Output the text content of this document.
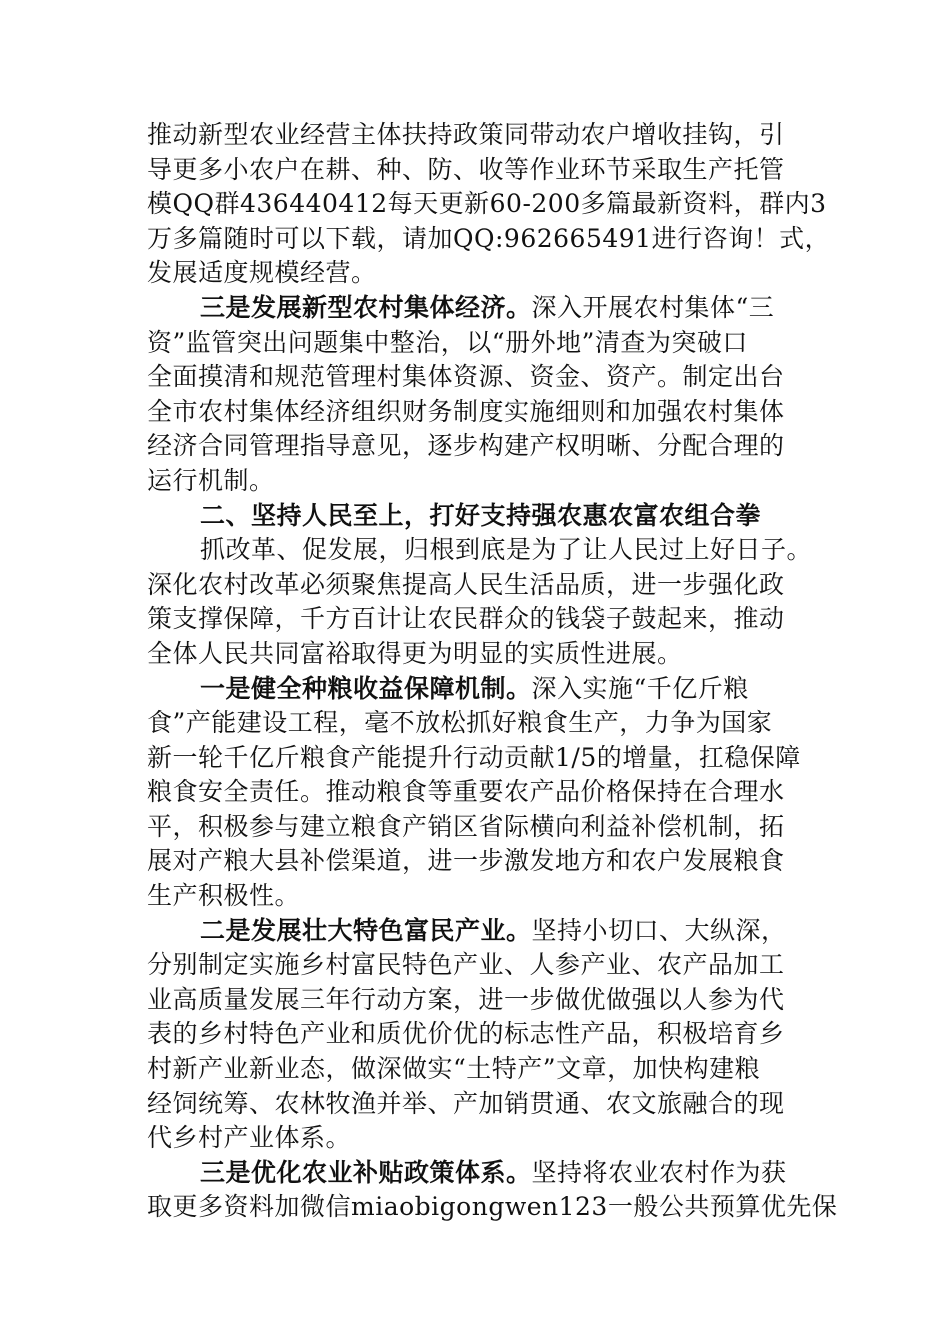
推动新型农业经营主体扶持政策同带动农户增收挂钩，引
导更多小农户在耕、种、防、收等作业环节采取生产托管
模QQ群436440412每天更新60-200多篇最新资料，群内3
万多篇随时可以下载，请加QQ:962665491进行咨询！式，
发展适度规模经营。

三是发展新型农村集体经济。深入开展农村集体“三
资”监管突出问题集中整治，以“册外地”清查为突破口
全面摸清和规范管理村集体资源、资金、资产。制定出台
全市农村集体经济组织财务制度实施细则和加强农村集体
经济合同管理指导意见，逐步构建产权明晰、分配合理的
运行机制。

二、坚持人民至上，打好支持强农惠农富农组合拳

抓改革、促发展，归根到底是为了让人民过上好日子。
深化农村改革必须聚焦提高人民生活品质，进一步强化政
策支撑保障，千方百计让农民群众的钱袋子鼓起来，推动
全体人民共同富裕取得更为明显的实质性进展。

一是健全种粮收益保障机制。深入实施“千亿斤粮
食”产能建设工程，毫不放松抓好粮食生产，力争为国家
新一轮千亿斤粮食产能提升行动贡献1/5的增量，扛稳保障
粮食安全责任。推动粮食等重要农产品价格保持在合理水
平，积极参与建立粮食产销区省际横向利益补偿机制，拓
展对产粮大县补偿渠道，进一步激发地方和农户发展粮食
生产积极性。

二是发展壮大特色富民产业。坚持小切口、大纵深，
分别制定实施乡村富民特色产业、人参产业、农产品加工
业高质量发展三年行动方案，进一步做优做强以人参为代
表的乡村特色产业和质优价优的标志性产品，积极培育乡
村新产业新业态，做深做实“土特产”文章，加快构建粮
经饲统筹、农林牧渔并举、产加销贯通、农文旅融合的现
代乡村产业体系。

三是优化农业补贴政策体系。坚持将农业农村作为获
取更多资料加微信miaobigongwen123一般公共预算优先保
